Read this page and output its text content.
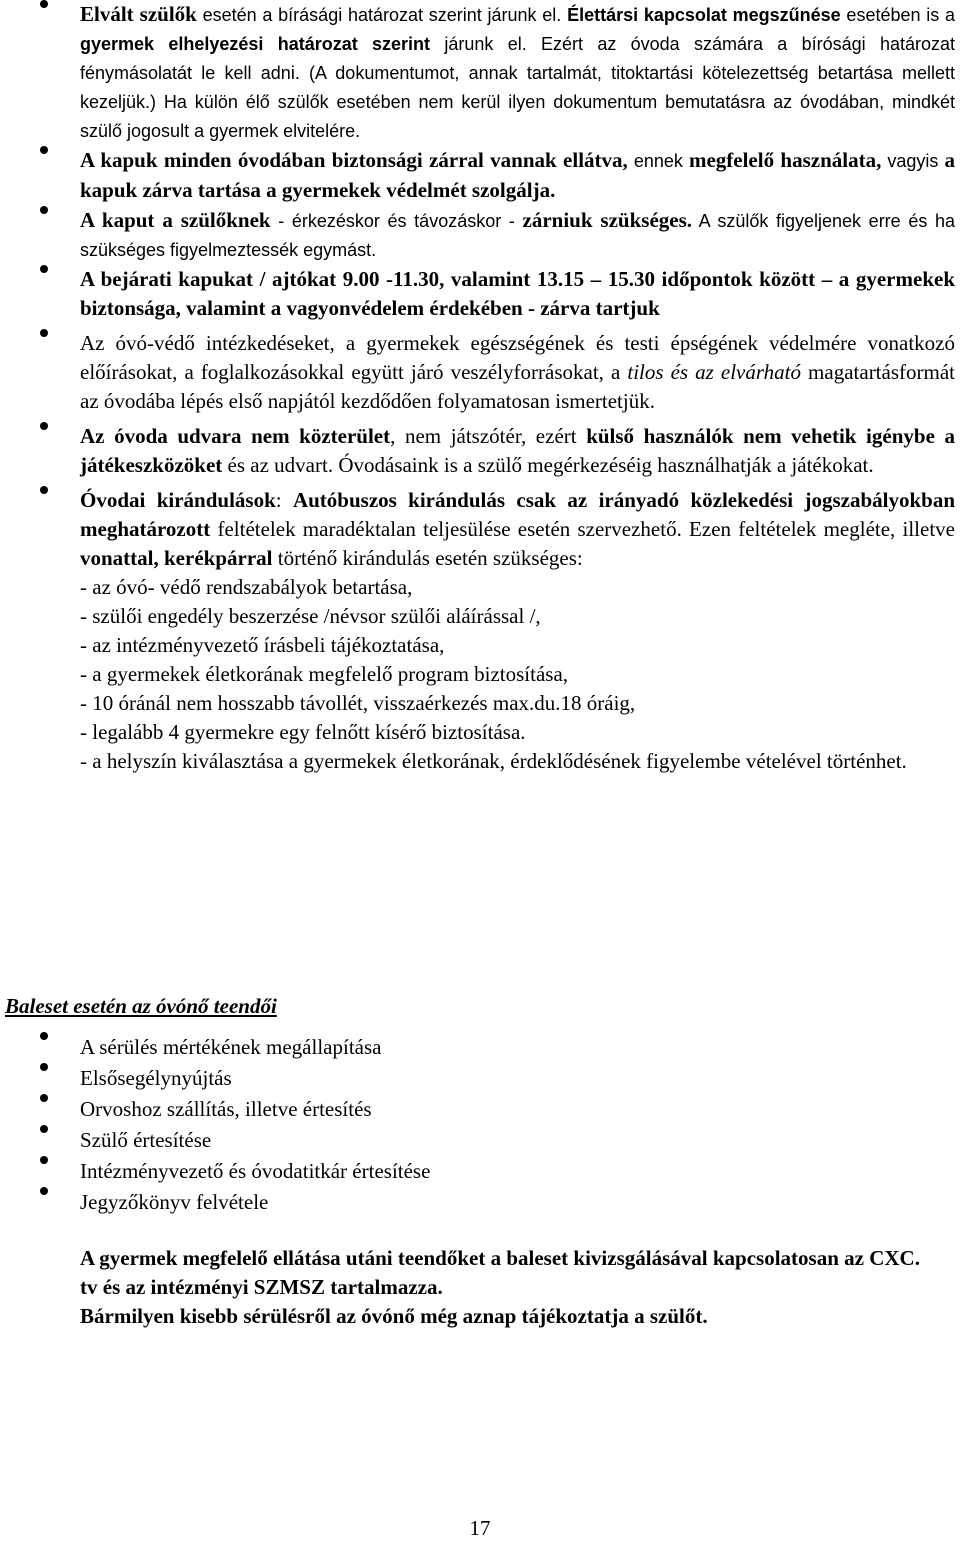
Elvált szülők esetén a bírásági határozat szerint járunk el. Élettársi kapcsolat megszűnése esetében is a gyermek elhelyezési határozat szerint járunk el. Ezért az óvoda számára a bírósági határozat fénymásolatát le kell adni. (A dokumentumot, annak tartalmát, titoktartási kötelezettség betartása mellett kezeljük.) Ha külön élő szülők esetében nem kerül ilyen dokumentum bemutatásra az óvodában, mindkét szülő jogosult a gyermek elvitelére.
A kapuk minden óvodában biztonsági zárral vannak ellátva, ennek megfelelő használata, vagyis a kapuk zárva tartása a gyermekek védelmét szolgálja.
A kaput a szülőknek - érkezéskor és távozáskor - zárniuk szükséges. A szülők figyeljenek erre és ha szükséges figyelmeztessék egymást.
A bejárati kapukat / ajtókat 9.00 -11.30, valamint 13.15 – 15.30 időpontok között – a gyermekek biztonsága, valamint a vagyonvédelem érdekében - zárva tartjuk
Az óvó-védő intézkedéseket, a gyermekek egészségének és testi épségének védelmére vonatkozó előírásokat, a foglalkozásokkal együtt járó veszélyforrásokat, a tilos és az elvárható magatartásformát az óvodába lépés első napjától kezdődően folyamatosan ismertetjük.
Az óvoda udvara nem közterület, nem játszótér, ezért külső használók nem vehetik igénybe a játékeszközöket és az udvart. Óvodásaink is a szülő megérkezéséig használhatják a játékokat.
Óvodai kirándulások: Autóbuszos kirándulás csak az irányadó közlekedési jogszabályokban meghatározott feltételek maradéktalan teljesülése esetén szervezhető. Ezen feltételek megléte, illetve vonattal, kerékpárral történő kirándulás esetén szükséges:
- az óvó- védő rendszabályok betartása,
- szülői engedély beszerzése /névsor szülői aláírással /,
- az intézményvezető írásbeli tájékoztatása,
- a gyermekek életkorának megfelelő program biztosítása,
- 10 óránál nem hosszabb távollét, visszaérkezés max.du.18 óráig,
- legalább 4 gyermekre egy felnőtt kísérő biztosítása.
- a helyszín kiválasztása a gyermekek életkorának, érdeklődésének figyelembe vételével történhet.
Baleset esetén az óvónő teendői
A sérülés mértékének megállapítása
Elsősegélynyújtás
Orvoshoz szállítás, illetve értesítés
Szülő értesítése
Intézményvezető és óvodatitkár értesítése
Jegyzőkönyv felvétele

A gyermek megfelelő ellátása utáni teendőket a baleset kivizsgálásával kapcsolatosan az CXC. tv és az intézményi SZMSZ tartalmazza.

Bármilyen kisebb sérülésről az óvónő még aznap tájékoztatja a szülőt.

17
